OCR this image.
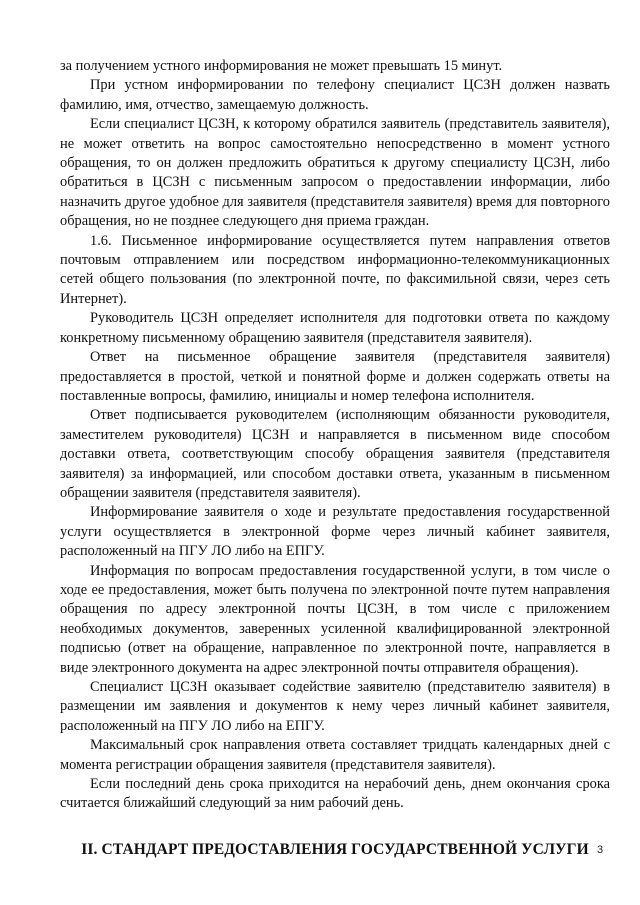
за получением устного информирования не может превышать 15 минут.

При устном информировании по телефону специалист ЦСЗН должен назвать фамилию, имя, отчество, замещаемую должность.

Если специалист ЦСЗН, к которому обратился заявитель (представитель заявителя), не может ответить на вопрос самостоятельно непосредственно в момент устного обращения, то он должен предложить обратиться к другому специалисту ЦСЗН, либо обратиться в ЦСЗН с письменным запросом о предоставлении информации, либо назначить другое удобное для заявителя (представителя заявителя) время для повторного обращения, но не позднее следующего дня приема граждан.

1.6. Письменное информирование осуществляется путем направления ответов почтовым отправлением или посредством информационно-телекоммуникационных сетей общего пользования (по электронной почте, по факсимильной связи, через сеть Интернет).

Руководитель ЦСЗН определяет исполнителя для подготовки ответа по каждому конкретному письменному обращению заявителя (представителя заявителя).

Ответ на письменное обращение заявителя (представителя заявителя) предоставляется в простой, четкой и понятной форме и должен содержать ответы на поставленные вопросы, фамилию, инициалы и номер телефона исполнителя.

Ответ подписывается руководителем (исполняющим обязанности руководителя, заместителем руководителя) ЦСЗН и направляется в письменном виде способом доставки ответа, соответствующим способу обращения заявителя (представителя заявителя) за информацией, или способом доставки ответа, указанным в письменном обращении заявителя (представителя заявителя).

Информирование заявителя о ходе и результате предоставления государственной услуги осуществляется в электронной форме через личный кабинет заявителя, расположенный на ПГУ ЛО либо на ЕПГУ.

Информация по вопросам предоставления государственной услуги, в том числе о ходе ее предоставления, может быть получена по электронной почте путем направления обращения по адресу электронной почты ЦСЗН, в том числе с приложением необходимых документов, заверенных усиленной квалифицированной электронной подписью (ответ на обращение, направленное по электронной почте, направляется в виде электронного документа на адрес электронной почты отправителя обращения).

Специалист ЦСЗН оказывает содействие заявителю (представителю заявителя) в размещении им заявления и документов к нему через личный кабинет заявителя, расположенный на ПГУ ЛО либо на ЕПГУ.

Максимальный срок направления ответа составляет тридцать календарных дней с момента регистрации обращения заявителя (представителя заявителя).

Если последний день срока приходится на нерабочий день, днем окончания срока считается ближайший следующий за ним рабочий день.

II. СТАНДАРТ ПРЕДОСТАВЛЕНИЯ ГОСУДАРСТВЕННОЙ УСЛУГИ 3
